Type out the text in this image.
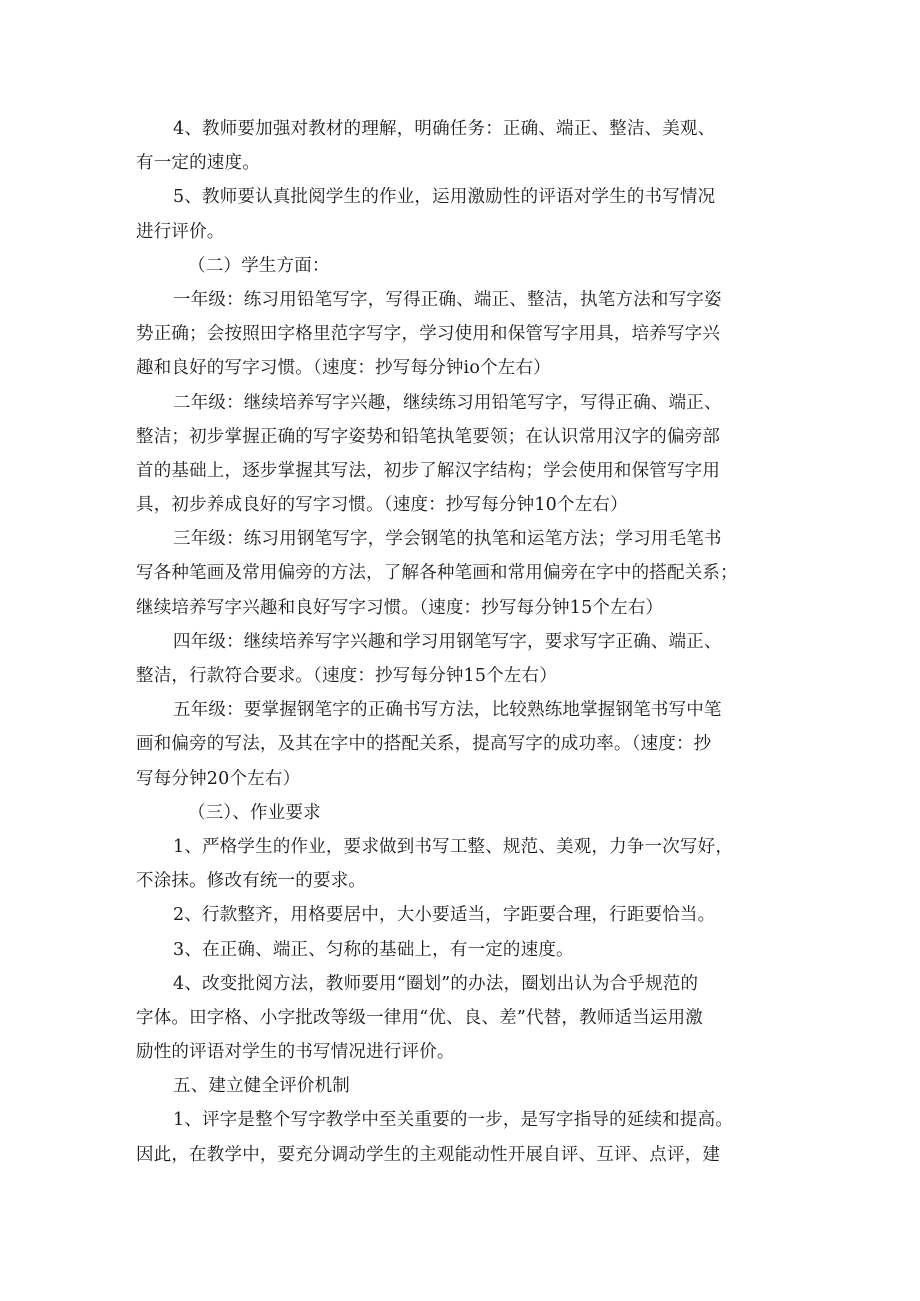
4、教师要加强对教材的理解，明确任务：正确、端正、整洁、美观、
有一定的速度。
5、教师要认真批阅学生的作业，运用激励性的评语对学生的书写情况
进行评价。
（二）学生方面：
一年级：练习用铅笔写字，写得正确、端正、整洁，执笔方法和写字姿
势正确；会按照田字格里范字写字，学习使用和保管写字用具，培养写字兴
趣和良好的写字习惯。（速度：抄写每分钟io个左右）
二年级：继续培养写字兴趣，继续练习用铅笔写字，写得正确、端正、
整洁；初步掌握正确的写字姿势和铅笔执笔要领；在认识常用汉字的偏旁部
首的基础上，逐步掌握其写法，初步了解汉字结构；学会使用和保管写字用
具，初步养成良好的写字习惯。（速度：抄写每分钟10个左右）
三年级：练习用钢笔写字，学会钢笔的执笔和运笔方法；学习用毛笔书
写各种笔画及常用偏旁的方法，了解各种笔画和常用偏旁在字中的搭配关系；
继续培养写字兴趣和良好写字习惯。（速度：抄写每分钟15个左右）
四年级：继续培养写字兴趣和学习用钢笔写字，要求写字正确、端正、
整洁，行款符合要求。（速度：抄写每分钟15个左右）
五年级：要掌握钢笔字的正确书写方法，比较熟练地掌握钢笔书写中笔
画和偏旁的写法，及其在字中的搭配关系，提高写字的成功率。（速度：抄
写每分钟20个左右）
（三）、作业要求
1、严格学生的作业，要求做到书写工整、规范、美观，力争一次写好，
不涂抹。修改有统一的要求。
2、行款整齐，用格要居中，大小要适当，字距要合理，行距要恰当。
3、在正确、端正、匀称的基础上，有一定的速度。
4、改变批阅方法，教师要用“圈划”的办法，圈划出认为合乎规范的
字体。田字格、小字批改等级一律用“优、良、差”代替，教师适当运用激
励性的评语对学生的书写情况进行评价。
五、建立健全评价机制
1、评字是整个写字教学中至关重要的一步，是写字指导的延续和提高。
因此，在教学中，要充分调动学生的主观能动性开展自评、互评、点评，建
